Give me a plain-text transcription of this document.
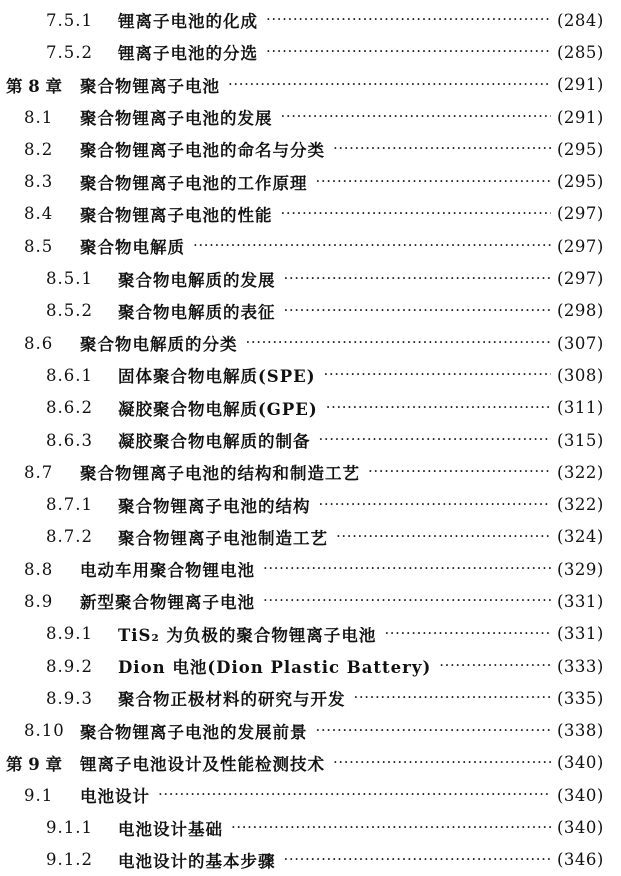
7.5.1	锂离子电池的化成 ·····	(284)
7.5.2	锂离子电池的分选 ·····	(285)
第 8 章	聚合物锂离子电池 ·····	(291)
8.1	聚合物锂离子电池的发展 ·····	(291)
8.2	聚合物锂离子电池的命名与分类 ·····	(295)
8.3	聚合物锂离子电池的工作原理 ·····	(295)
8.4	聚合物锂离子电池的性能 ·····	(297)
8.5	聚合物电解质 ·····	(297)
8.5.1	聚合物电解质的发展 ·····	(297)
8.5.2	聚合物电解质的表征 ·····	(298)
8.6	聚合物电解质的分类 ·····	(307)
8.6.1	固体聚合物电解质(SPE) ·····	(308)
8.6.2	凝胶聚合物电解质(GPE) ·····	(311)
8.6.3	凝胶聚合物电解质的制备 ·····	(315)
8.7	聚合物锂离子电池的结构和制造工艺 ·····	(322)
8.7.1	聚合物锂离子电池的结构 ·····	(322)
8.7.2	聚合物锂离子电池制造工艺 ·····	(324)
8.8	电动车用聚合物锂电池 ·····	(329)
8.9	新型聚合物锂离子电池 ·····	(331)
8.9.1	TiS₂ 为负极的聚合物锂离子电池 ·····	(331)
8.9.2	Dion 电池(Dion Plastic Battery) ·····	(333)
8.9.3	聚合物正极材料的研究与开发 ·····	(335)
8.10 聚合物锂离子电池的发展前景 ·····	(338)
第 9 章	锂离子电池设计及性能检测技术 ·····	(340)
9.1	电池设计 ·····	(340)
9.1.1	电池设计基础 ·····	(340)
9.1.2	电池设计的基本步骤 ·····	(346)
